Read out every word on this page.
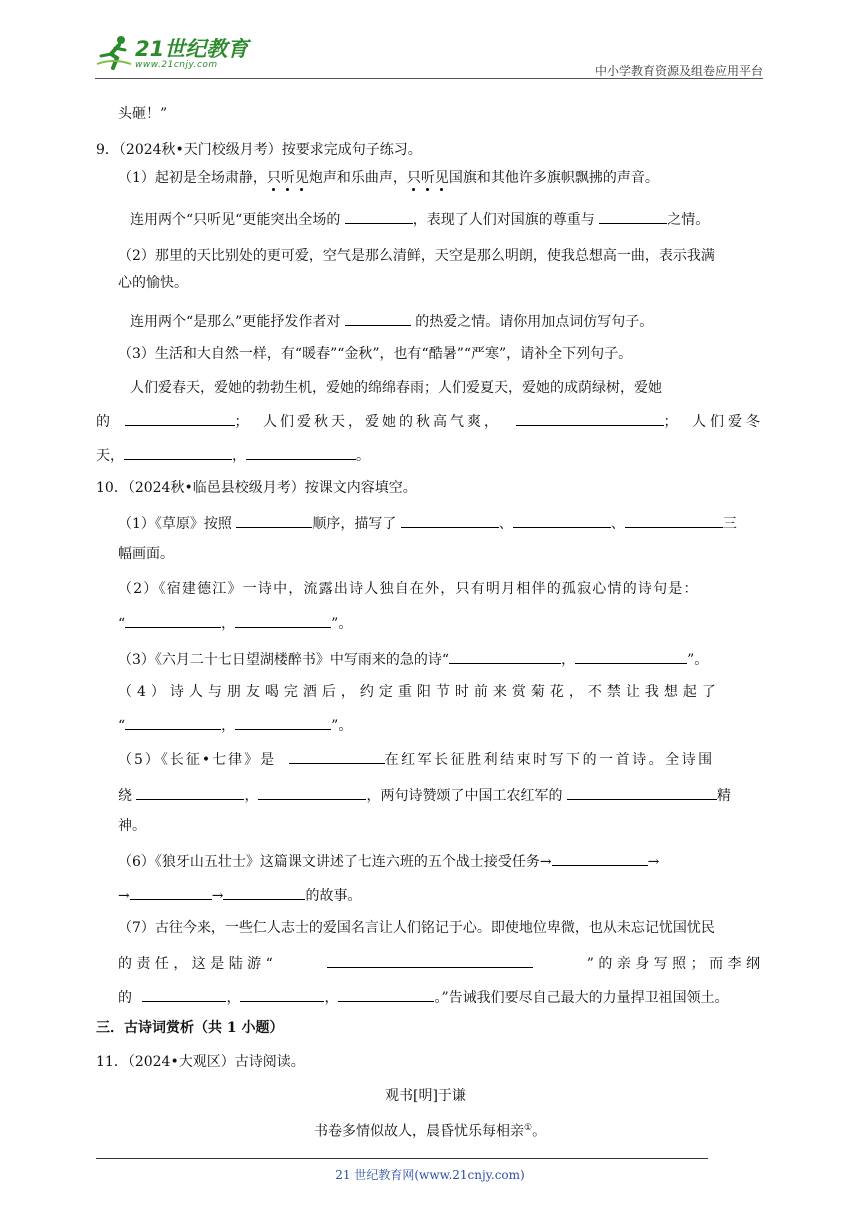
21世纪教育
www.21cnjy.com	中小学教育资源及组卷应用平台
头砸！”
9．（2024秋•天门校级月考）按要求完成句子练习。
（1）起初是全场肃静，只听见炮声和乐曲声，只听见国旗和其他许多旗帜飘拂的声音。
连用两个“只听见“更能突出全场的	，表现了人们对国旗的尊重与	之情。
（2）那里的天比别处的更可爱，空气是那么清鲜，天空是那么明朗，使我总想高一曲，表示我满
心的愉快。
连用两个“是那么”更能抒发作者对	的热爱之情。请你用加点词仿写句子。
（3）生活和大自然一样，有“暖春”“金秋”，也有“酷暑”“严寒”，请补全下列句子。
人们爱春天，爱她的勃勃生机，爱她的绵绵春雨；人们爱夏天，爱她的成荫绿树，爱她
的	； 人们爱秋天，爱她的秋高气爽，	； 人们爱冬
天，	，	。
10．（2024秋•临邑县校级月考）按课文内容填空。
（1）《草原》按照	顺序，描写了	、	、	三
幅画面。
（2）《宿建德江》一诗中，流露出诗人独自在外，只有明月相伴的孤寂心情的诗句是：
“	，	”。
（3）《六月二十七日望湖楼醉书》中写雨来的急的诗“	，	”。
（4）诗人与朋友喝完酒后，约定重阳节时前来赏菊花，不禁让我想起了
“	，	”。
（5）《长征•七律》是	在红军长征胜利结束时写下的一首诗。全诗围
绕	，	，两句诗赞颂了中国工农红军的	精
神。
（6）《狼牙山五壮士》这篇课文讲述了七连六班的五个战士接受任务→	→
→	→	的故事。
（7）古往今来，一些仁人志士的爱国名言让人们铭记于心。即使地位卑微，也从未忘记忧国忧民
的 责 任 ， 这 是 陆 游 “	” 的 亲 身 写 照 ； 而 李 纲
的	，	，	。”告诫我们要尽自己最大的力量捍卫祖国领土。
三．古诗词赏析（共 1 小题）
11．（2024•大观区）古诗阅读。
观书[明]于谦
书卷多情似故人，晨昏忧乐每相亲①。
21 世纪教育网(www.21cnjy.com)
